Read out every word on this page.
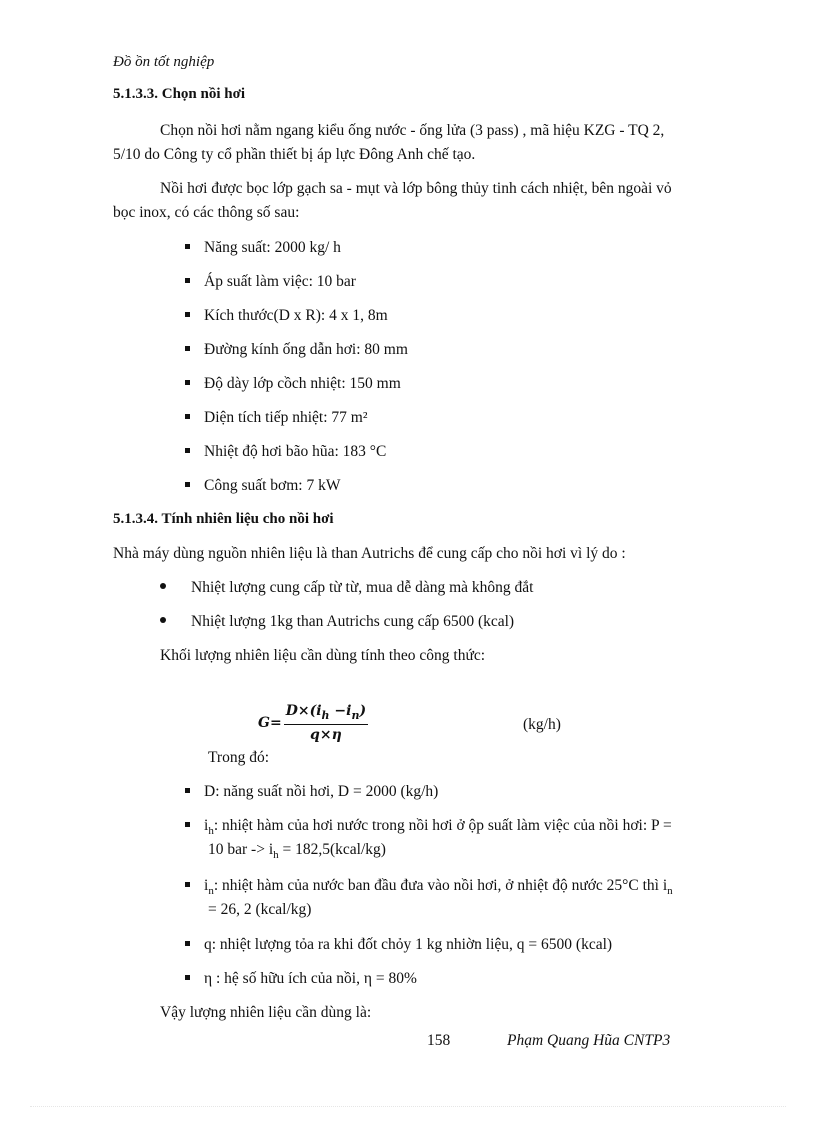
Đồ ồn tốt nghiệp
5.1.3.3. Chọn nồi hơi
Chọn nồi hơi nằm ngang kiểu ống nước - ống lửa (3 pass) , mã hiệu KZG - TQ 2,
5/10 do Công ty cổ phần thiết bị áp lực Đông Anh chế tạo.
Nồi hơi được bọc lớp gạch sa - mụt và lớp bông thủy tinh cách nhiệt, bên ngoài vỏ
bọc inox, có các thông số sau:
Năng suất: 2000 kg/ h
Áp suất làm việc: 10 bar
Kích thước(D x R): 4 x 1, 8m
Đường kính ống dẫn hơi: 80 mm
Độ dày lớp cồch nhiệt: 150 mm
Diện tích tiếp nhiệt: 77 m²
Nhiệt độ hơi bão hũa: 183 °C
Công suất bơm: 7 kW
5.1.3.4. Tính nhiên liệu cho nồi hơi
Nhà máy dùng nguồn nhiên liệu là than Autrichs để cung cấp cho nồi hơi vì lý do :
Nhiệt lượng cung cấp từ từ, mua dễ dàng mà không đắt
Nhiệt lượng 1kg than Autrichs cung cấp 6500 (kcal)
Khối lượng nhiên liệu cần dùng tính theo công thức:
$G= \frac{D\times(i_h -i_n)}{q\times\eta}$	(kg/h)
Trong đó:
D: năng suất nồi hơi, D = 2000 (kg/h)
$i_h$: nhiệt hàm của hơi nước trong nồi hơi ở ộp suất làm việc của nồi hơi: P =
10 bar -> $i_h$ = 182,5(kcal/kg)
$i_n$: nhiệt hàm của nước ban đầu đưa vào nồi hơi, ở nhiệt độ nước 25°C thì $i_n$
= 26, 2 (kcal/kg)
q: nhiệt lượng tỏa ra khi đốt chỏy 1 kg nhiờn liệu, q = 6500 (kcal)
η : hệ số hữu ích của nồi, η = 80%
Vậy lượng nhiên liệu cần dùng là:
158	Phạm Quang Hũa CNTP3
